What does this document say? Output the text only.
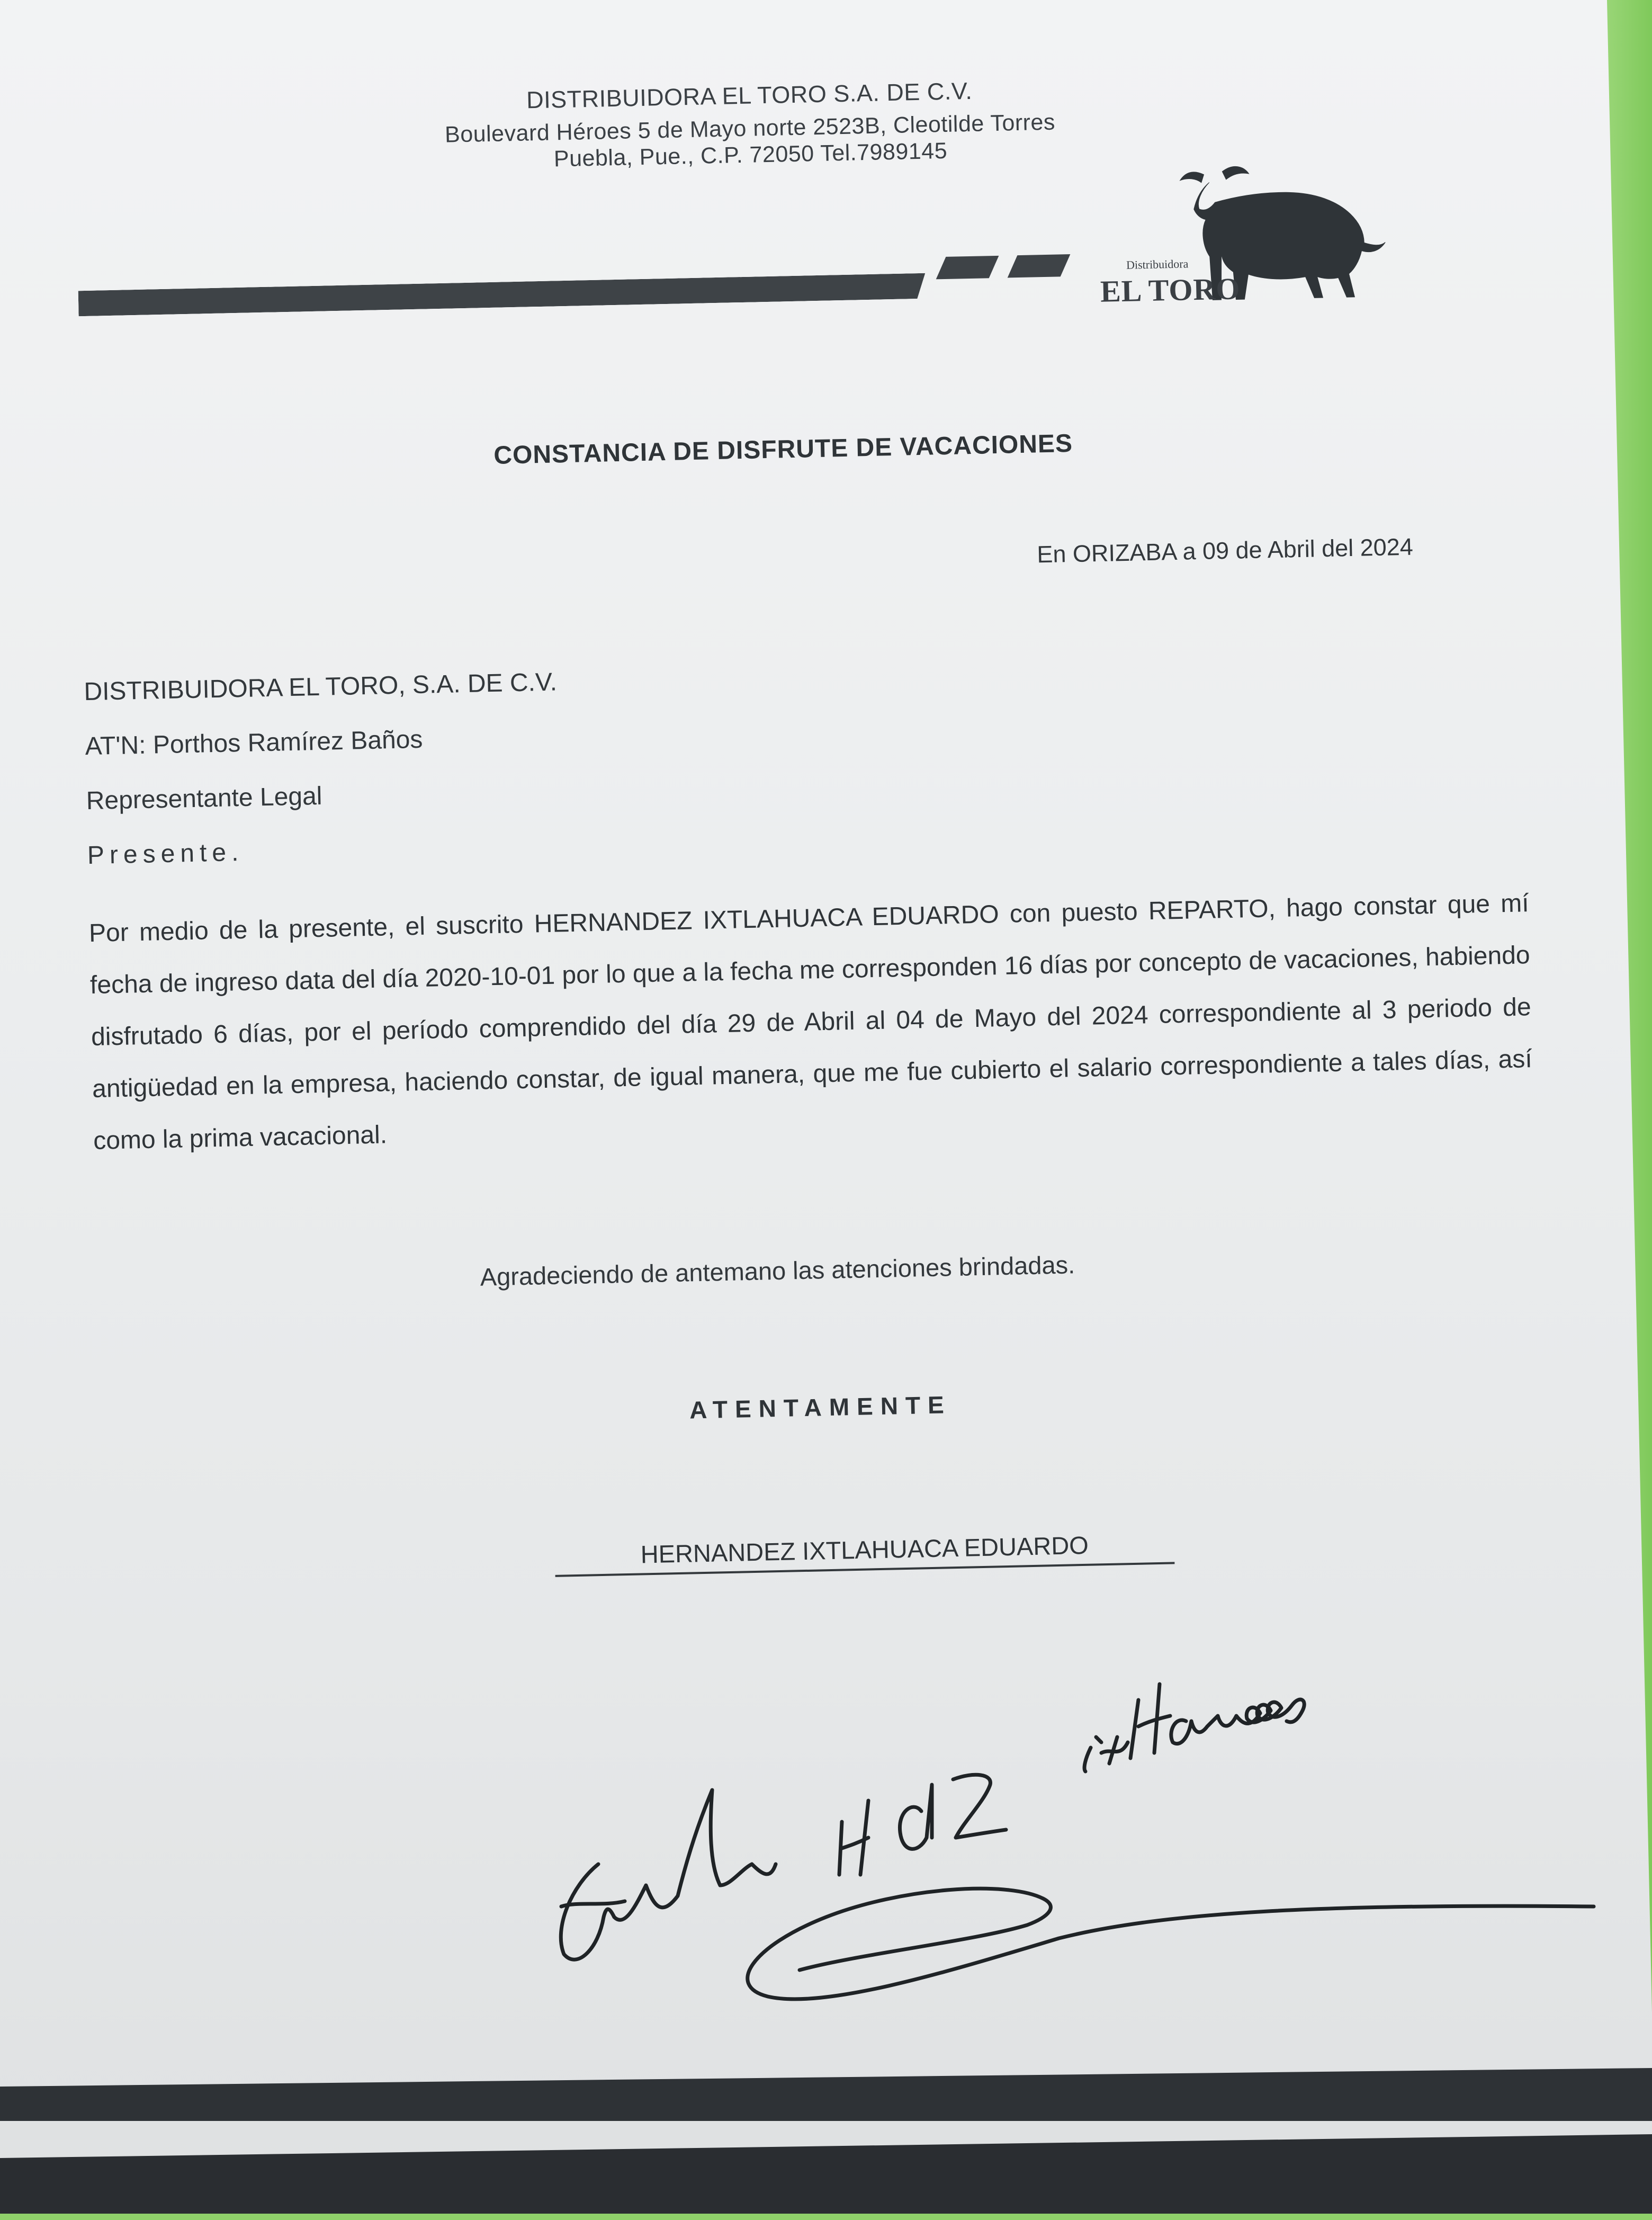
DISTRIBUIDORA EL TORO S.A. DE C.V.
Boulevard Héroes 5 de Mayo norte 2523B, Cleotilde Torres
Puebla, Pue., C.P. 72050 Tel.7989145
Distribuidora
EL TORO
CONSTANCIA DE DISFRUTE DE VACACIONES
En ORIZABA a 09 de Abril del 2024
DISTRIBUIDORA EL TORO, S.A. DE C.V.
AT'N: Porthos Ramírez Baños
Representante Legal
Presente.
Por medio de la presente, el suscrito HERNANDEZ IXTLAHUACA EDUARDO con puesto REPARTO, hago constar que mí fecha de ingreso data del día 2020-10-01 por lo que a la fecha me corresponden 16 días por concepto de vacaciones, habiendo disfrutado 6 días, por el período comprendido del día 29 de Abril al 04 de Mayo del 2024 correspondiente al 3 periodo de antigüedad en la empresa, haciendo constar, de igual manera, que me fue cubierto el salario correspondiente a tales días, así como la prima vacacional.
Agradeciendo de antemano las atenciones brindadas.
ATENTAMENTE
HERNANDEZ IXTLAHUACA EDUARDO
